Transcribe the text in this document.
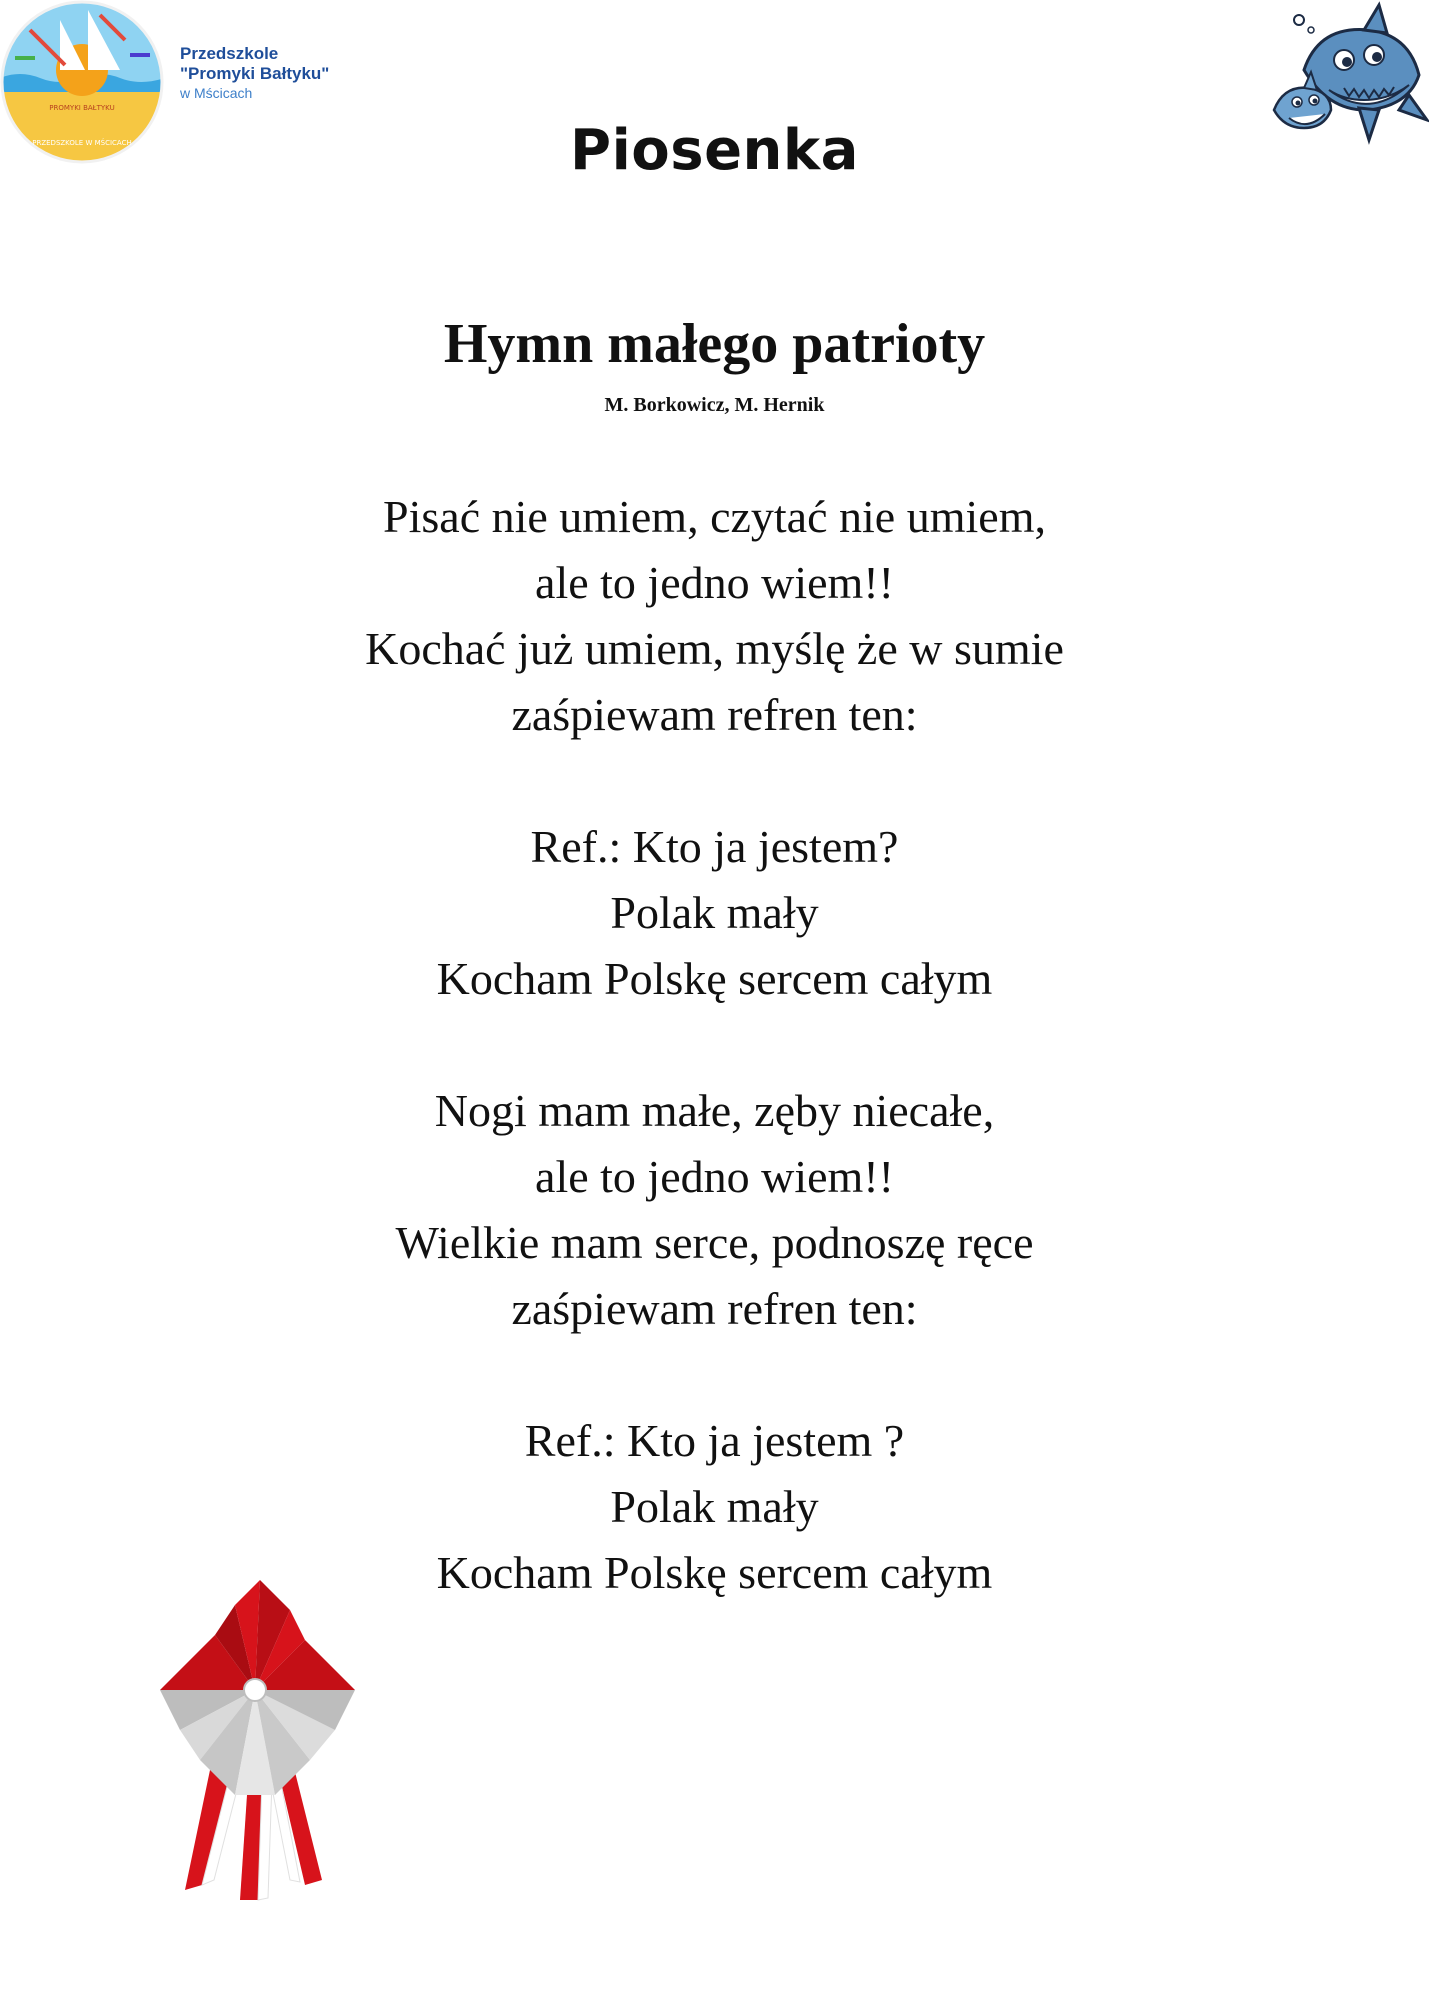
PROMYKI BAŁTYKU
PRZEDSZKOLE W MŚCICACH
Przedszkole
"Promyki Bałtyku"
w Mścicach
Piosenka
Hymn małego patrioty
M. Borkowicz, M. Hernik
Pisać nie umiem, czytać nie umiem,
ale to jedno wiem!!
Kochać już umiem, myślę że w sumie
zaśpiewam refren ten:
Ref.: Kto ja jestem?
Polak mały
Kocham Polskę sercem całym
Nogi mam małe, zęby niecałe,
ale to jedno wiem!!
Wielkie mam serce, podnoszę ręce
zaśpiewam refren ten:
Ref.: Kto ja jestem ?
Polak mały
Kocham Polskę sercem całym
